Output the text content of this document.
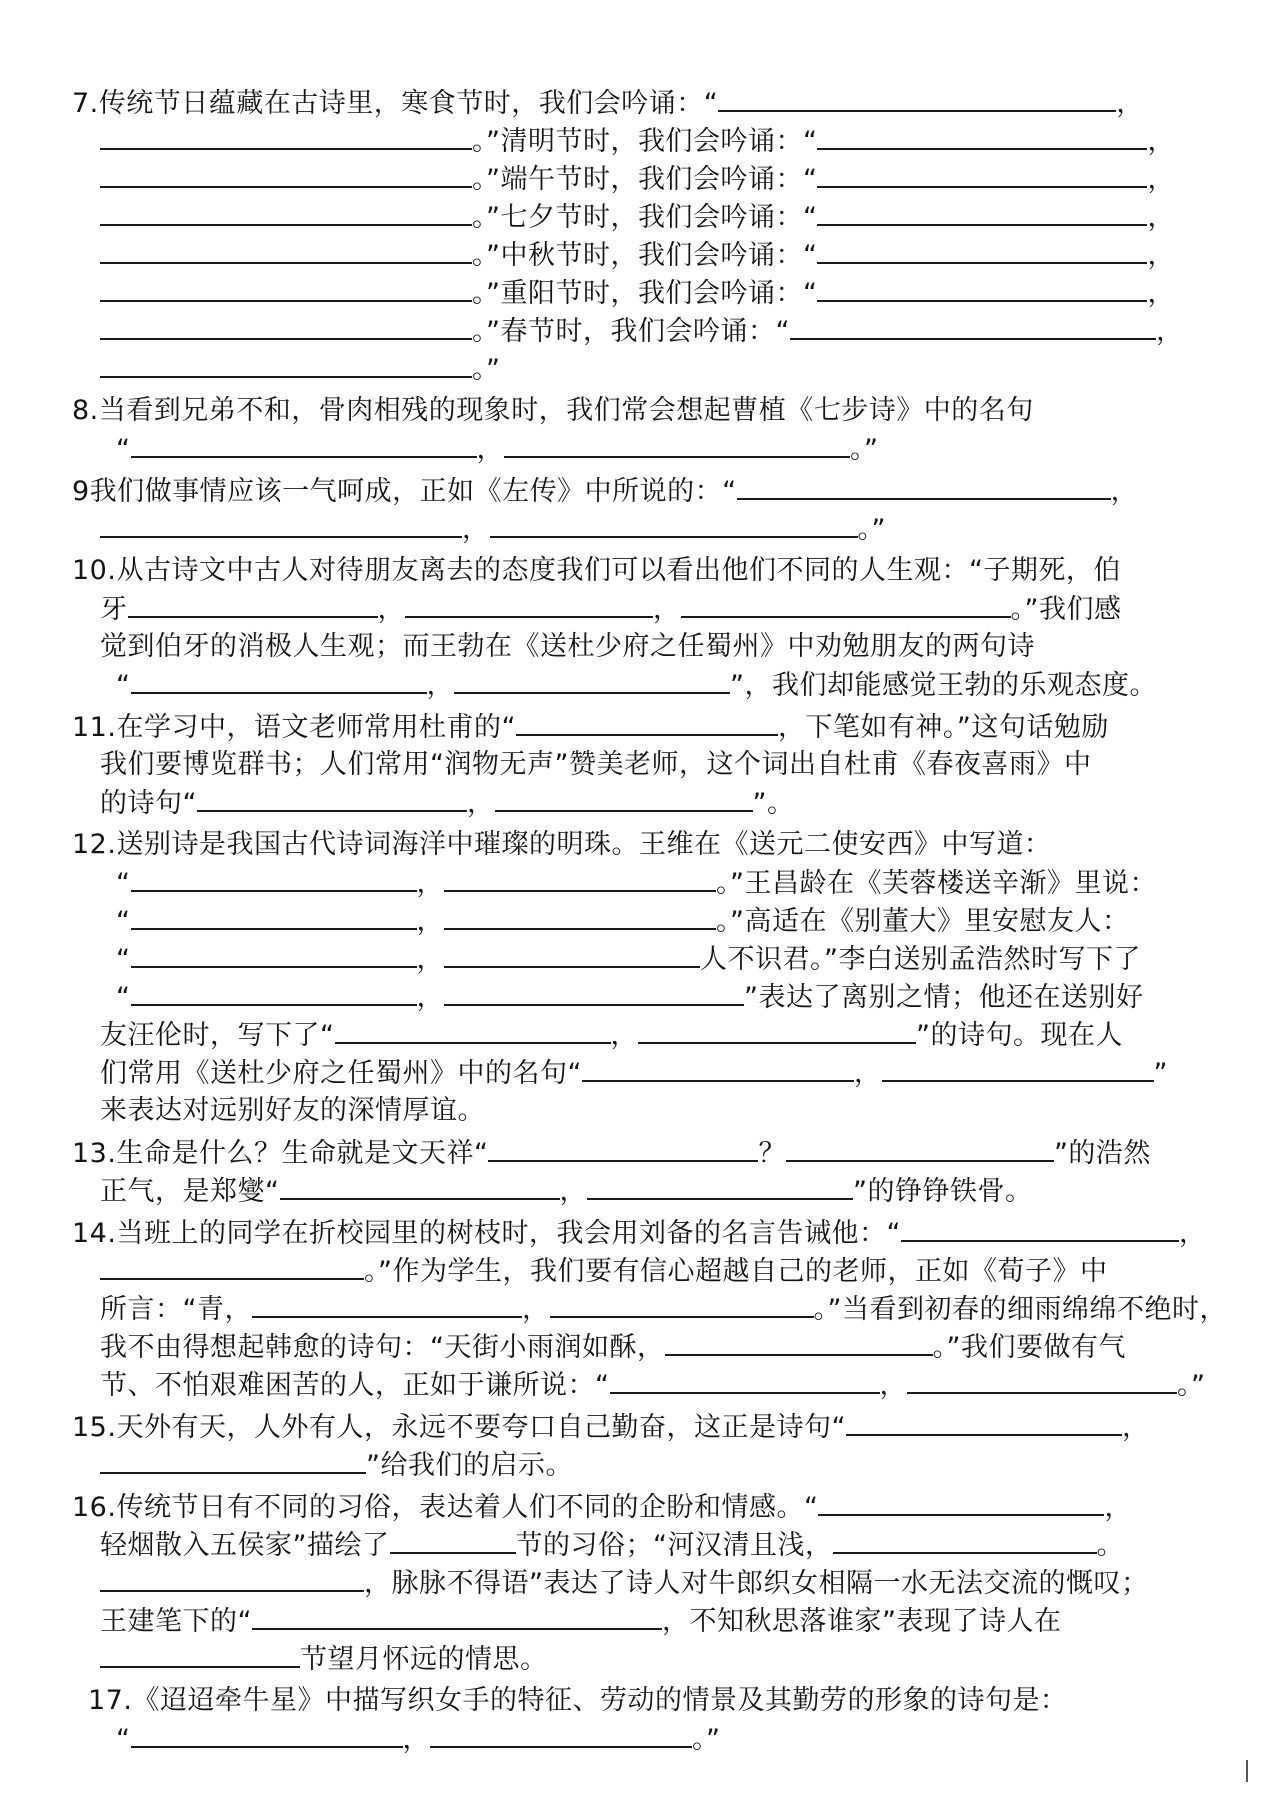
7.传统节日蕴藏在古诗里，寒食节时，我们会吟诵：“	，
。”清明节时，我们会吟诵：“	，
。”端午节时，我们会吟诵：“	，
。”七夕节时，我们会吟诵：“	，
。”中秋节时，我们会吟诵：“	，
。”重阳节时，我们会吟诵：“	，
。”春节时，我们会吟诵：“	，
。”
8.当看到兄弟不和，骨肉相残的现象时，我们常会想起曹植《七步诗》中的名句
“	，	。”
9我们做事情应该一气呵成，正如《左传》中所说的：“	，
，	。”
10.从古诗文中古人对待朋友离去的态度我们可以看出他们不同的人生观：“子期死，伯
牙	，	，	。”我们感
觉到伯牙的消极人生观；而王勃在《送杜少府之任蜀州》中劝勉朋友的两句诗
“	，	”，我们却能感觉王勃的乐观态度。
11.在学习中，语文老师常用杜甫的“	，下笔如有神。”这句话勉励
我们要博览群书；人们常用“润物无声”赞美老师，这个词出自杜甫《春夜喜雨》中
的诗句“	，	”。
12.送别诗是我国古代诗词海洋中璀璨的明珠。王维在《送元二使安西》中写道：
“	，	。”王昌龄在《芙蓉楼送辛渐》里说：
“	，	。”高适在《别董大》里安慰友人：
“	，	人不识君。”李白送别孟浩然时写下了
“	，	”表达了离别之情；他还在送别好
友汪伦时，写下了“	，	”的诗句。现在人
们常用《送杜少府之任蜀州》中的名句“	，	”
来表达对远别好友的深情厚谊。
13.生命是什么？生命就是文天祥“	？	”的浩然
正气，是郑燮“	，	”的铮铮铁骨。
14.当班上的同学在折校园里的树枝时，我会用刘备的名言告诫他：“	，
。”作为学生，我们要有信心超越自己的老师，正如《荀子》中
所言：“青，	，	。”当看到初春的细雨绵绵不绝时，
我不由得想起韩愈的诗句：“天街小雨润如酥，	。”我们要做有气
节、不怕艰难困苦的人，正如于谦所说：“	，	。”
15.天外有天，人外有人，永远不要夸口自己勤奋，这正是诗句“	，
”给我们的启示。
16.传统节日有不同的习俗，表达着人们不同的企盼和情感。“	，
轻烟散入五侯家”描绘了	节的习俗；“河汉清且浅，	。
，脉脉不得语”表达了诗人对牛郎织女相隔一水无法交流的慨叹；
王建笔下的“	，不知秋思落谁家”表现了诗人在
节望月怀远的情思。
17.《迢迢牵牛星》中描写织女手的特征、劳动的情景及其勤劳的形象的诗句是：
“	，	。”
